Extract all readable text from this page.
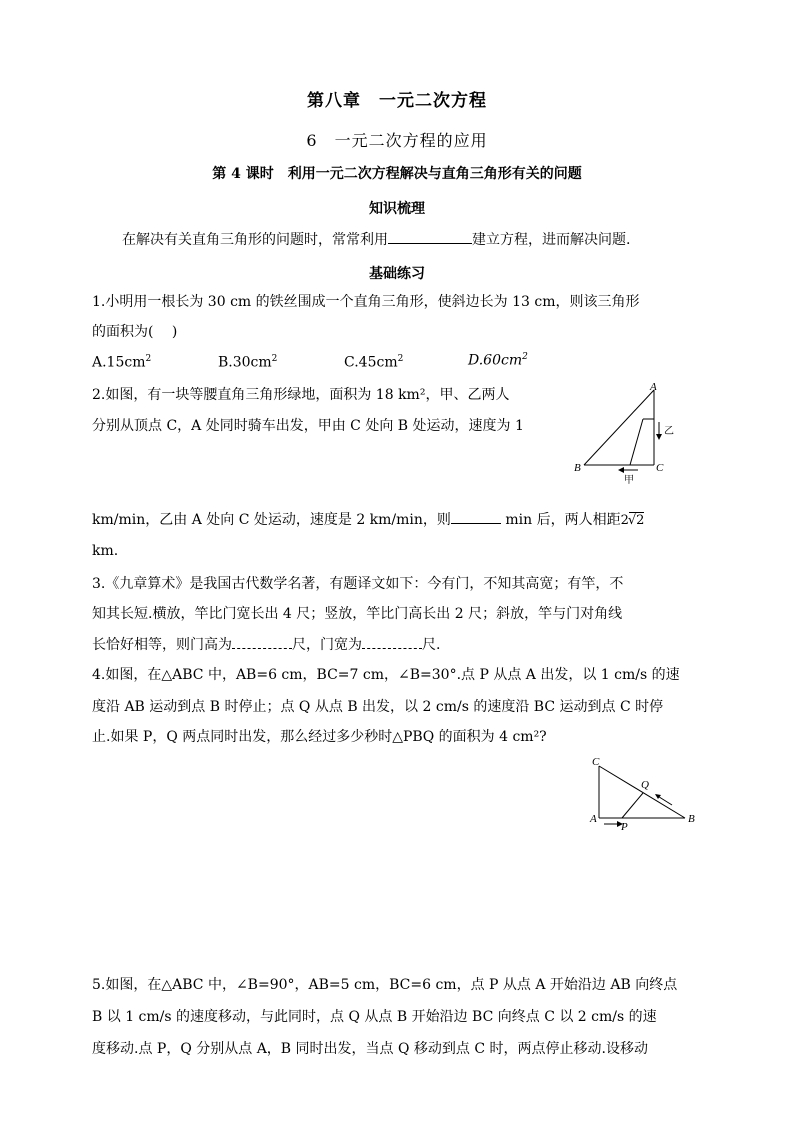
第八章　一元二次方程
6　一元二次方程的应用
第 4 课时　利用一元二次方程解决与直角三角形有关的问题
知识梳理
在解决有关直角三角形的问题时，常常利用	建立方程，进而解决问题.
基础练习
1.小明用一根长为 30 cm 的铁丝围成一个直角三角形，使斜边长为 13 cm，则该三角形
的面积为(　 )
$A.15cm^2$	$B.30cm^2$	$C.45cm^2$	$D.60cm^2$
2.如图，有一块等腰直角三角形绿地，面积为 18 km²，甲、乙两人
分别从顶点 C，A 处同时骑车出发，甲由 C 处向 B 处运动，速度为 1
A
B	C
乙
甲
km/min，乙由 A 处向 C 处运动，速度是 2 km/min，则	min 后，两人相距2√2
km.
3.《九章算术》是我国古代数学名著，有题译文如下：今有门，不知其高宽；有竿，不
知其长短.横放，竿比门宽长出 4 尺；竖放，竿比门高长出 2 尺；斜放，竿与门对角线
长恰好相等，则门高为	尺，门宽为	尺.
4.如图，在△ABC 中，AB=6 cm，BC=7 cm，∠B=30°.点 P 从点 A 出发，以 1 cm/s 的速
度沿 AB 运动到点 B 时停止；点 Q 从点 B 出发，以 2 cm/s 的速度沿 BC 运动到点 C 时停
止.如果 P，Q 两点同时出发，那么经过多少秒时△PBQ 的面积为 4 cm²?
C
A	B
Q
P
5.如图，在△ABC 中，∠B=90°，AB=5 cm，BC=6 cm，点 P 从点 A 开始沿边 AB 向终点
B 以 1 cm/s 的速度移动，与此同时，点 Q 从点 B 开始沿边 BC 向终点 C 以 2 cm/s 的速
度移动.点 P，Q 分别从点 A，B 同时出发，当点 Q 移动到点 C 时，两点停止移动.设移动
